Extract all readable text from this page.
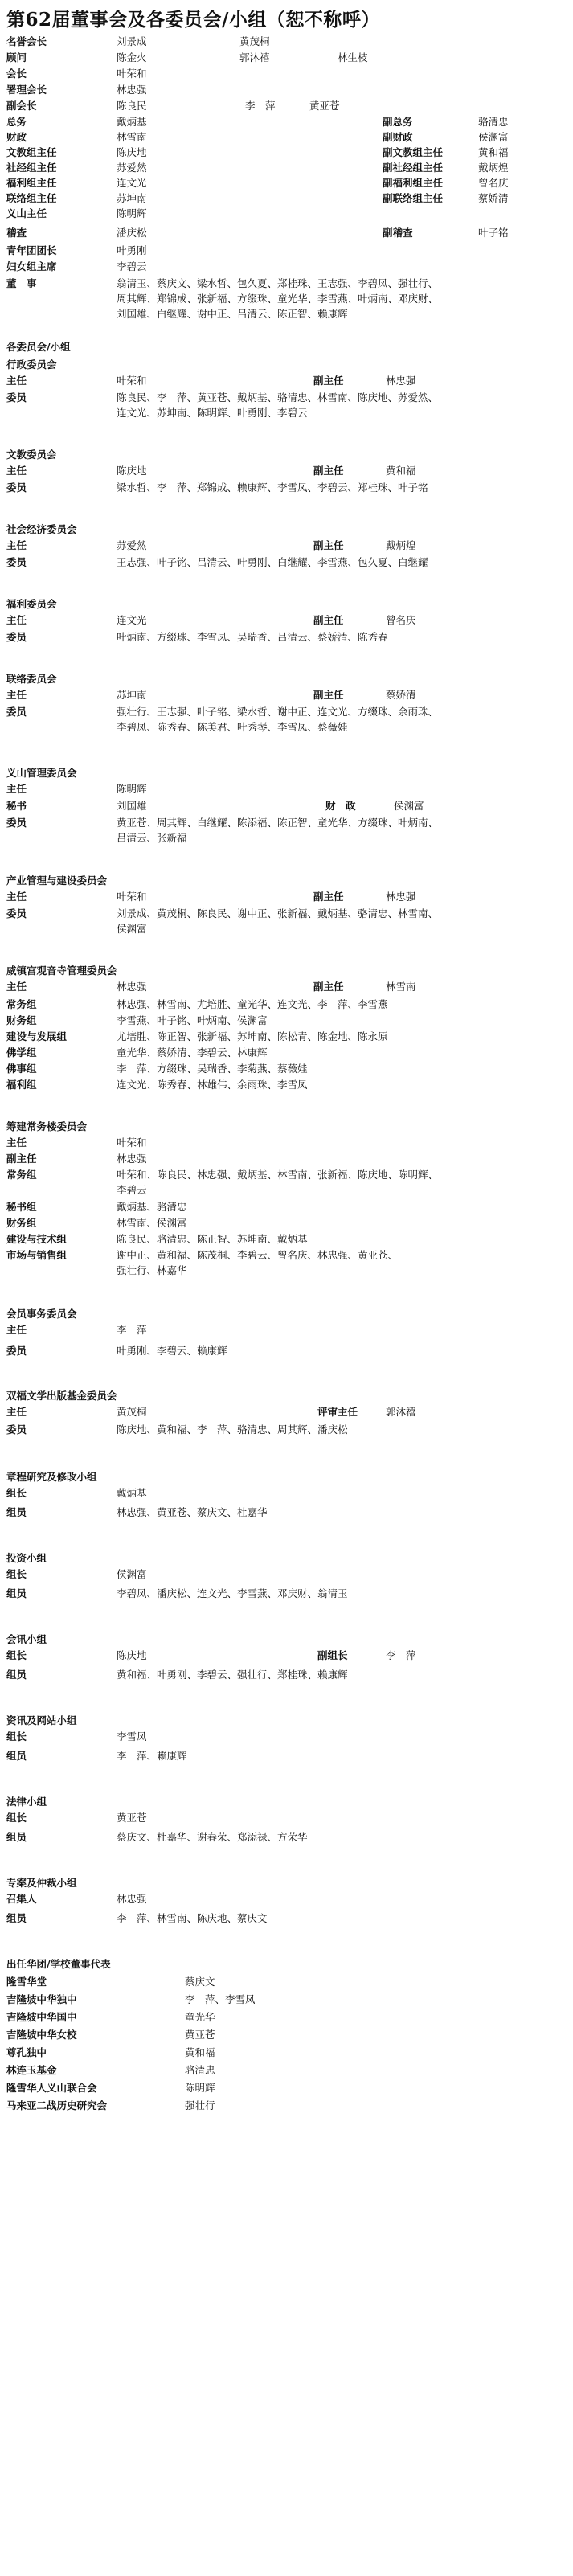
第62届董事会及各委员会/小组（恕不称呼）
名誉会长	刘景成	黄茂桐
顾问	陈金火	郭沐禧	林生枝
会长	叶荣和
署理会长	林忠强
副会长	陈良民	李　萍	黄亚苍
总务	戴炳基	副总务	骆清忠
财政	林雪南	副财政	侯渊富
文教组主任	陈庆地	副文教组主任	黄和福
社经组主任	苏爱然	副社经组主任	戴炳煌
福利组主任	连文光	副福利组主任	曾名庆
联络组主任	苏坤南	副联络组主任	蔡娇清
义山主任	陈明辉
稽查	潘庆松	副稽查	叶子铭
青年团团长	叶勇刚
妇女组主席	李碧云
董　事	翁清玉、蔡庆文、梁水哲、包久夏、郑桂珠、王志强、李碧凤、强壮行、
周其辉、郑锦成、张新福、方缀珠、童光华、李雪燕、叶炳南、邓庆财、
刘国雄、白继耀、谢中正、吕清云、陈正智、赖康辉
各委员会/小组
行政委员会
主任	叶荣和	副主任	林忠强
委员	陈良民、李　萍、黄亚苍、戴炳基、骆清忠、林雪南、陈庆地、苏爱然、
连文光、苏坤南、陈明辉、叶勇刚、李碧云
文教委员会
主任	陈庆地	副主任	黄和福
委员	梁水哲、李　萍、郑锦成、赖康辉、李雪凤、李碧云、郑桂珠、叶子铭
社会经济委员会
主任	苏爱然	副主任	戴炳煌
委员	王志强、叶子铭、吕清云、叶勇刚、白继耀、李雪燕、包久夏、白继耀
福利委员会
主任	连文光	副主任	曾名庆
委员	叶炳南、方缀珠、李雪凤、吴瑞香、吕清云、蔡娇清、陈秀春
联络委员会
主任	苏坤南	副主任	蔡娇清
委员	强壮行、王志强、叶子铭、梁水哲、谢中正、连文光、方缀珠、余雨珠、
李碧凤、陈秀春、陈美君、叶秀琴、李雪凤、蔡薇娃
义山管理委员会
主任	陈明辉
秘书	刘国雄	财　政	侯渊富
委员	黄亚苍、周其辉、白继耀、陈添福、陈正智、童光华、方缀珠、叶炳南、
吕清云、张新福
产业管理与建设委员会
主任	叶荣和	副主任	林忠强
委员	刘景成、黄茂桐、陈良民、谢中正、张新福、戴炳基、骆清忠、林雪南、
侯渊富
威镇宫观音寺管理委员会
主任	林忠强	副主任	林雪南
常务组	林忠强、林雪南、尤培胜、童光华、连文光、李　萍、李雪燕
财务组	李雪燕、叶子铭、叶炳南、侯渊富
建设与发展组	尤培胜、陈正智、张新福、苏坤南、陈松青、陈金地、陈永原
佛学组	童光华、蔡娇清、李碧云、林康辉
佛事组	李　萍、方缀珠、吴瑞香、李菊燕、蔡薇娃
福利组	连文光、陈秀春、林雄伟、余雨珠、李雪凤
筹建常务楼委员会
主任	叶荣和
副主任	林忠强
常务组	叶荣和、陈良民、林忠强、戴炳基、林雪南、张新福、陈庆地、陈明辉、
李碧云
秘书组	戴炳基、骆清忠
财务组	林雪南、侯渊富
建设与技术组	陈良民、骆清忠、陈正智、苏坤南、戴炳基
市场与销售组	谢中正、黄和福、陈茂桐、李碧云、曾名庆、林忠强、黄亚苍、
强壮行、林嘉华
会员事务委员会
主任	李　萍
委员	叶勇刚、李碧云、赖康辉
双福文学出版基金委员会
主任	黄茂桐	评审主任	郭沐禧
委员	陈庆地、黄和福、李　萍、骆清忠、周其辉、潘庆松
章程研究及修改小组
组长	戴炳基
组员	林忠强、黄亚苍、蔡庆文、杜嘉华
投资小组
组长	侯渊富
组员	李碧凤、潘庆松、连文光、李雪燕、邓庆财、翁清玉
会讯小组
组长	陈庆地	副组长	李　萍
组员	黄和福、叶勇刚、李碧云、强壮行、郑桂珠、赖康辉
资讯及网站小组
组长	李雪凤
组员	李　萍、赖康辉
法律小组
组长	黄亚苍
组员	蔡庆文、杜嘉华、谢春荣、郑添禄、方荣华
专案及仲裁小组
召集人	林忠强
组员	李　萍、林雪南、陈庆地、蔡庆文
出任华团/学校董事代表
隆雪华堂	蔡庆文
吉隆坡中华独中	李　萍、李雪凤
吉隆坡中华国中	童光华
吉隆坡中华女校	黄亚苍
尊孔独中	黄和福
林连玉基金	骆清忠
隆雪华人义山联合会	陈明辉
马来亚二战历史研究会	强壮行
